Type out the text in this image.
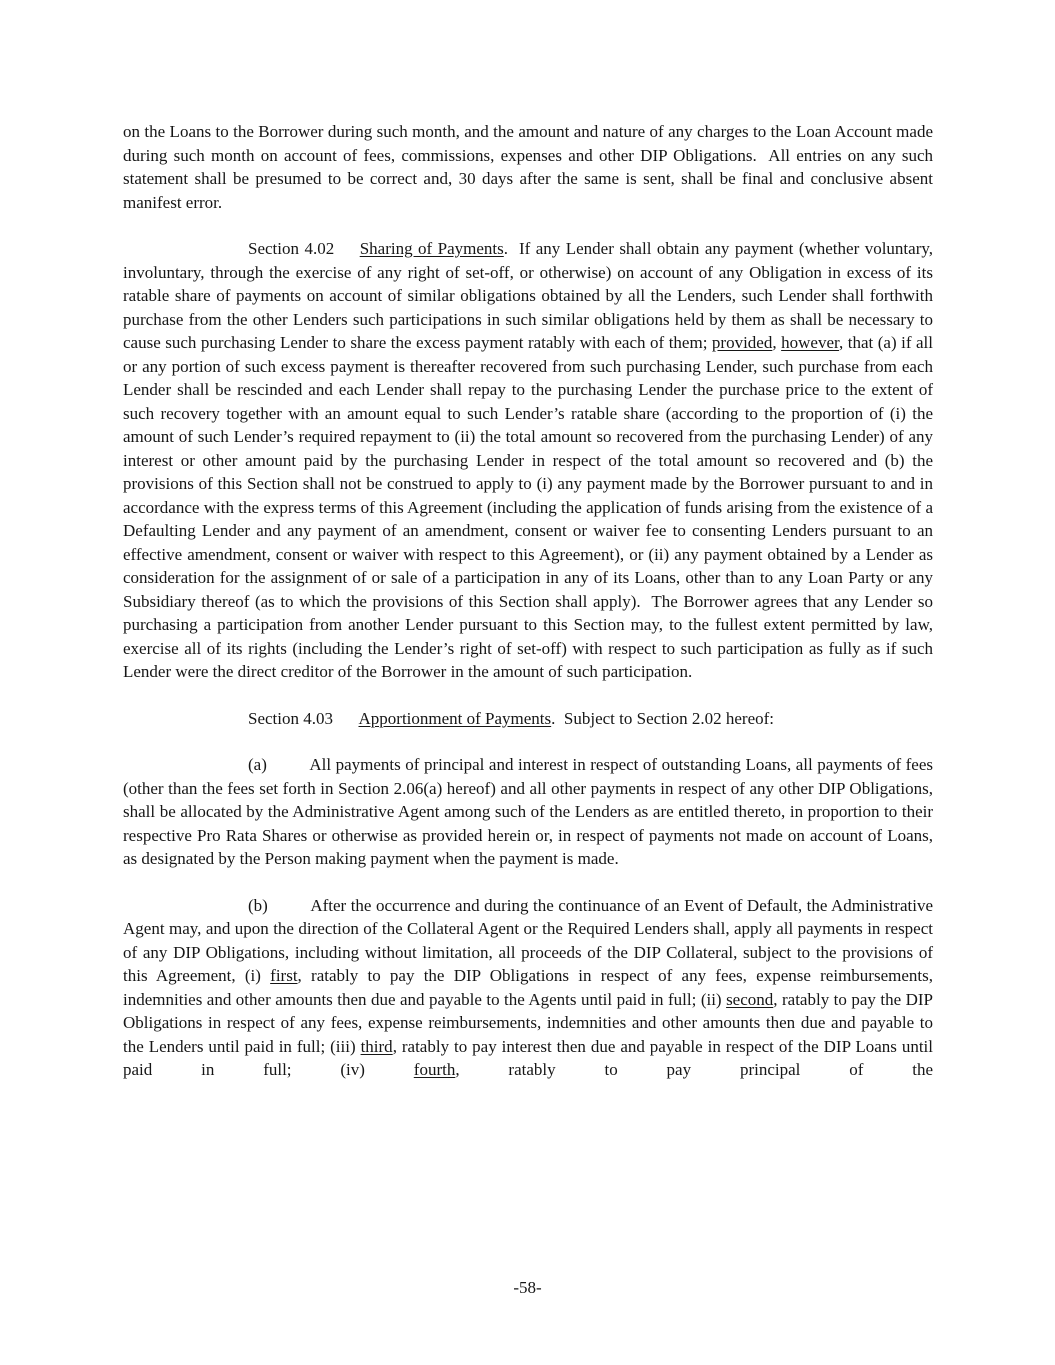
on the Loans to the Borrower during such month, and the amount and nature of any charges to the Loan Account made during such month on account of fees, commissions, expenses and other DIP Obligations.  All entries on any such statement shall be presumed to be correct and, 30 days after the same is sent, shall be final and conclusive absent manifest error.

Section 4.02  Sharing of Payments.  If any Lender shall obtain any payment (whether voluntary, involuntary, through the exercise of any right of set-off, or otherwise) on account of any Obligation in excess of its ratable share of payments on account of similar obligations obtained by all the Lenders, such Lender shall forthwith purchase from the other Lenders such participations in such similar obligations held by them as shall be necessary to cause such purchasing Lender to share the excess payment ratably with each of them; provided, however, that (a) if all or any portion of such excess payment is thereafter recovered from such purchasing Lender, such purchase from each Lender shall be rescinded and each Lender shall repay to the purchasing Lender the purchase price to the extent of such recovery together with an amount equal to such Lender’s ratable share (according to the proportion of (i) the amount of such Lender’s required repayment to (ii) the total amount so recovered from the purchasing Lender) of any interest or other amount paid by the purchasing Lender in respect of the total amount so recovered and (b) the provisions of this Section shall not be construed to apply to (i) any payment made by the Borrower pursuant to and in accordance with the express terms of this Agreement (including the application of funds arising from the existence of a Defaulting Lender and any payment of an amendment, consent or waiver fee to consenting Lenders pursuant to an effective amendment, consent or waiver with respect to this Agreement), or (ii) any payment obtained by a Lender as consideration for the assignment of or sale of a participation in any of its Loans, other than to any Loan Party or any Subsidiary thereof (as to which the provisions of this Section shall apply).  The Borrower agrees that any Lender so purchasing a participation from another Lender pursuant to this Section may, to the fullest extent permitted by law, exercise all of its rights (including the Lender’s right of set-off) with respect to such participation as fully as if such Lender were the direct creditor of the Borrower in the amount of such participation.

Section 4.03  Apportionment of Payments.  Subject to Section 2.02 hereof:

(a)   All payments of principal and interest in respect of outstanding Loans, all payments of fees (other than the fees set forth in Section 2.06(a) hereof) and all other payments in respect of any other DIP Obligations, shall be allocated by the Administrative Agent among such of the Lenders as are entitled thereto, in proportion to their respective Pro Rata Shares or otherwise as provided herein or, in respect of payments not made on account of Loans, as designated by the Person making payment when the payment is made.

(b)   After the occurrence and during the continuance of an Event of Default, the Administrative Agent may, and upon the direction of the Collateral Agent or the Required Lenders shall, apply all payments in respect of any DIP Obligations, including without limitation, all proceeds of the DIP Collateral, subject to the provisions of this Agreement, (i) first, ratably to pay the DIP Obligations in respect of any fees, expense reimbursements, indemnities and other amounts then due and payable to the Agents until paid in full; (ii) second, ratably to pay the DIP Obligations in respect of any fees, expense reimbursements, indemnities and other amounts then due and payable to the Lenders until paid in full; (iii) third, ratably to pay interest then due and payable in respect of the DIP Loans until paid in full; (iv) fourth, ratably to pay principal of the

-58-
